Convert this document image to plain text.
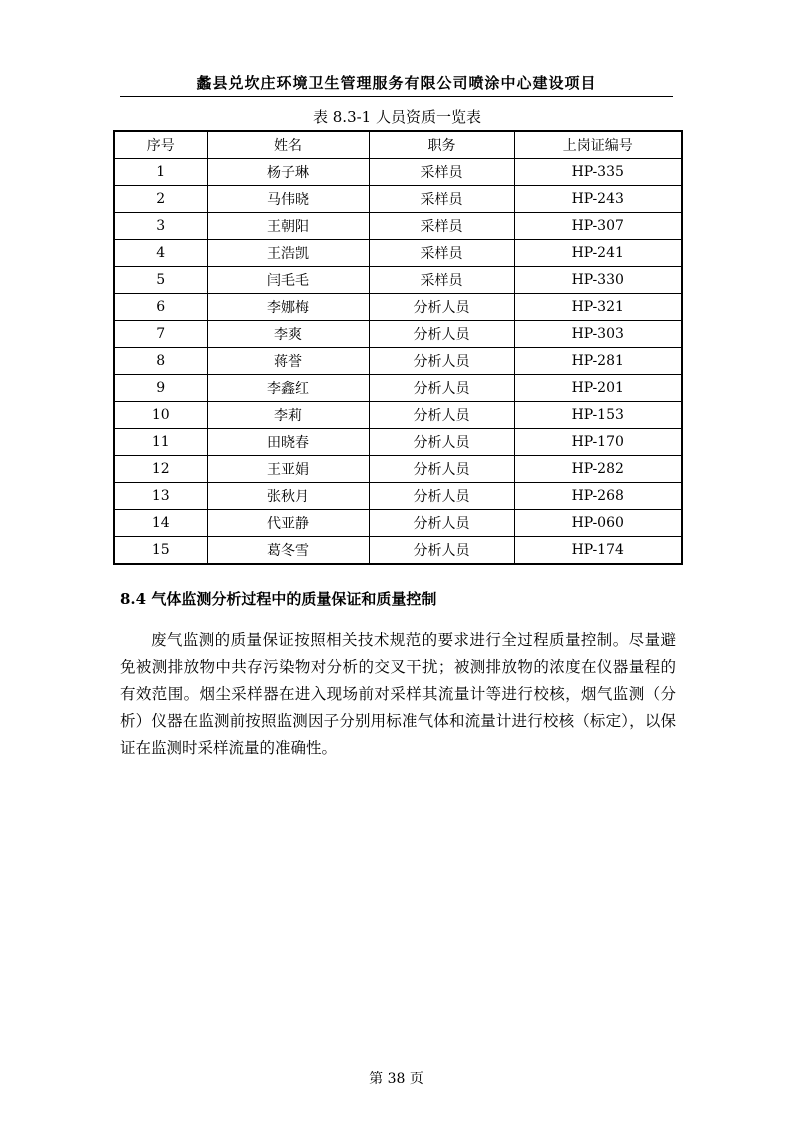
蠡县兑坎庄环境卫生管理服务有限公司喷涂中心建设项目
表 8.3-1 人员资质一览表
序号	姓名	职务	上岗证编号
1	杨子琳	采样员	HP-335
2	马伟晓	采样员	HP-243
3	王朝阳	采样员	HP-307
4	王浩凯	采样员	HP-241
5	闫毛毛	采样员	HP-330
6	李娜梅	分析人员	HP-321
7	李爽	分析人员	HP-303
8	蒋誉	分析人员	HP-281
9	李鑫红	分析人员	HP-201
10	李莉	分析人员	HP-153
11	田晓春	分析人员	HP-170
12	王亚娟	分析人员	HP-282
13	张秋月	分析人员	HP-268
14	代亚静	分析人员	HP-060
15	葛冬雪	分析人员	HP-174
8.4 气体监测分析过程中的质量保证和质量控制
废气监测的质量保证按照相关技术规范的要求进行全过程质量控制。尽量避免被测排放物中共存污染物对分析的交叉干扰；被测排放物的浓度在仪器量程的有效范围。烟尘采样器在进入现场前对采样其流量计等进行校核，烟气监测（分析）仪器在监测前按照监测因子分别用标准气体和流量计进行校核（标定），以保证在监测时采样流量的准确性。
第 38 页
